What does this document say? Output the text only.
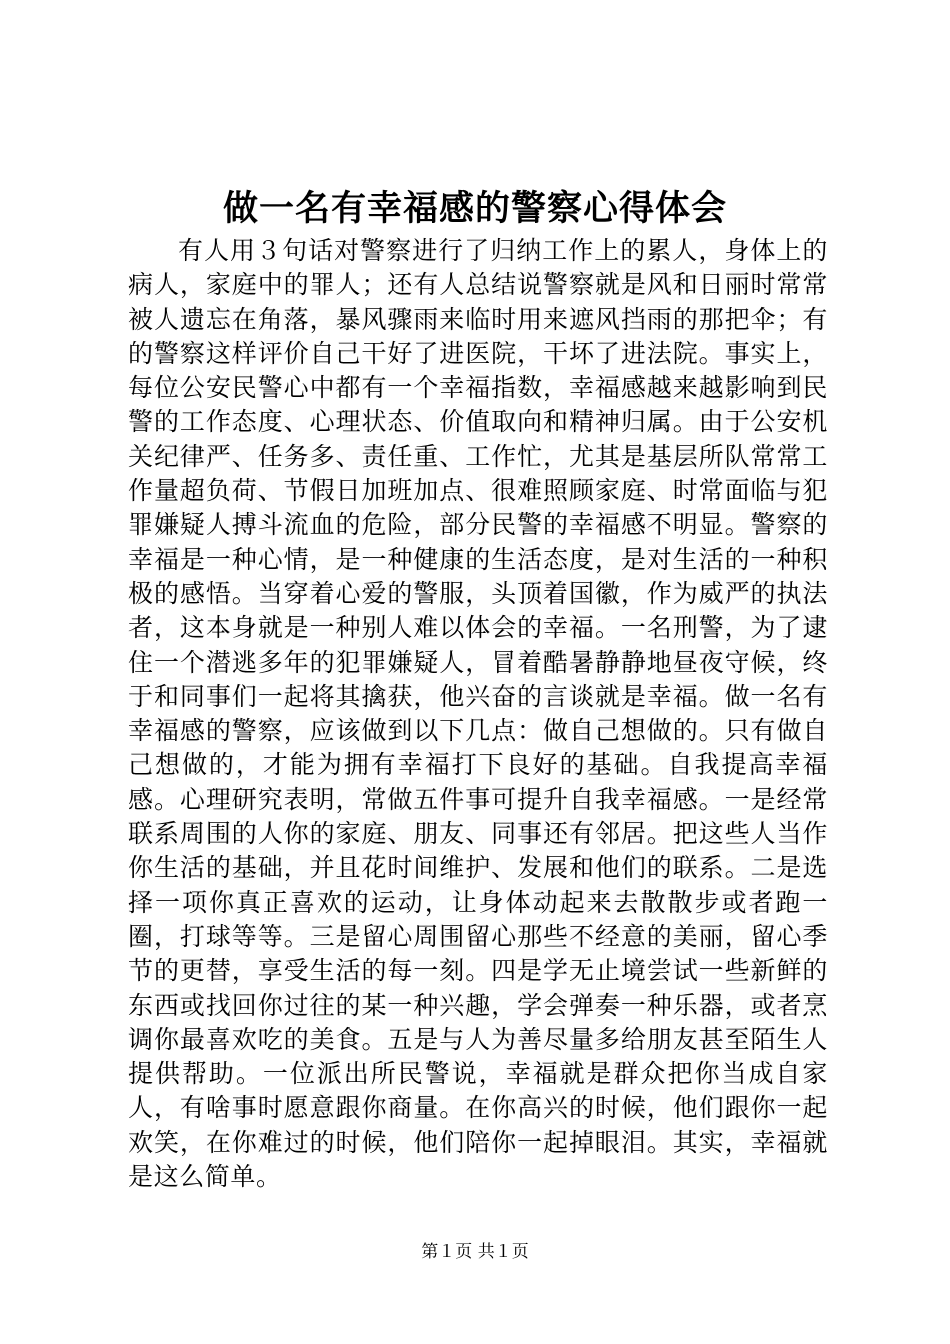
做一名有幸福感的警察心得体会

有人用３句话对警察进行了归纳工作上的累人，身体上的病人，家庭中的罪人；还有人总结说警察就是风和日丽时常常被人遗忘在角落，暴风骤雨来临时用来遮风挡雨的那把伞；有的警察这样评价自己干好了进医院，干坏了进法院。事实上，每位公安民警心中都有一个幸福指数，幸福感越来越影响到民警的工作态度、心理状态、价值取向和精神归属。由于公安机关纪律严、任务多、责任重、工作忙，尤其是基层所队常常工作量超负荷、节假日加班加点、很难照顾家庭、时常面临与犯罪嫌疑人搏斗流血的危险，部分民警的幸福感不明显。警察的幸福是一种心情，是一种健康的生活态度，是对生活的一种积极的感悟。当穿着心爱的警服，头顶着国徽，作为威严的执法者，这本身就是一种别人难以体会的幸福。一名刑警，为了逮住一个潜逃多年的犯罪嫌疑人，冒着酷暑静静地昼夜守候，终于和同事们一起将其擒获，他兴奋的言谈就是幸福。做一名有幸福感的警察，应该做到以下几点：做自己想做的。只有做自己想做的，才能为拥有幸福打下良好的基础。自我提高幸福感。心理研究表明，常做五件事可提升自我幸福感。一是经常联系周围的人你的家庭、朋友、同事还有邻居。把这些人当作你生活的基础，并且花时间维护、发展和他们的联系。二是选择一项你真正喜欢的运动，让身体动起来去散散步或者跑一圈，打球等等。三是留心周围留心那些不经意的美丽，留心季节的更替，享受生活的每一刻。四是学无止境尝试一些新鲜的东西或找回你过往的某一种兴趣，学会弹奏一种乐器，或者烹调你最喜欢吃的美食。五是与人为善尽量多给朋友甚至陌生人提供帮助。一位派出所民警说，幸福就是群众把你当成自家人，有啥事时愿意跟你商量。在你高兴的时候，他们跟你一起欢笑，在你难过的时候，他们陪你一起掉眼泪。其实，幸福就是这么简单。

第１页 共１页
